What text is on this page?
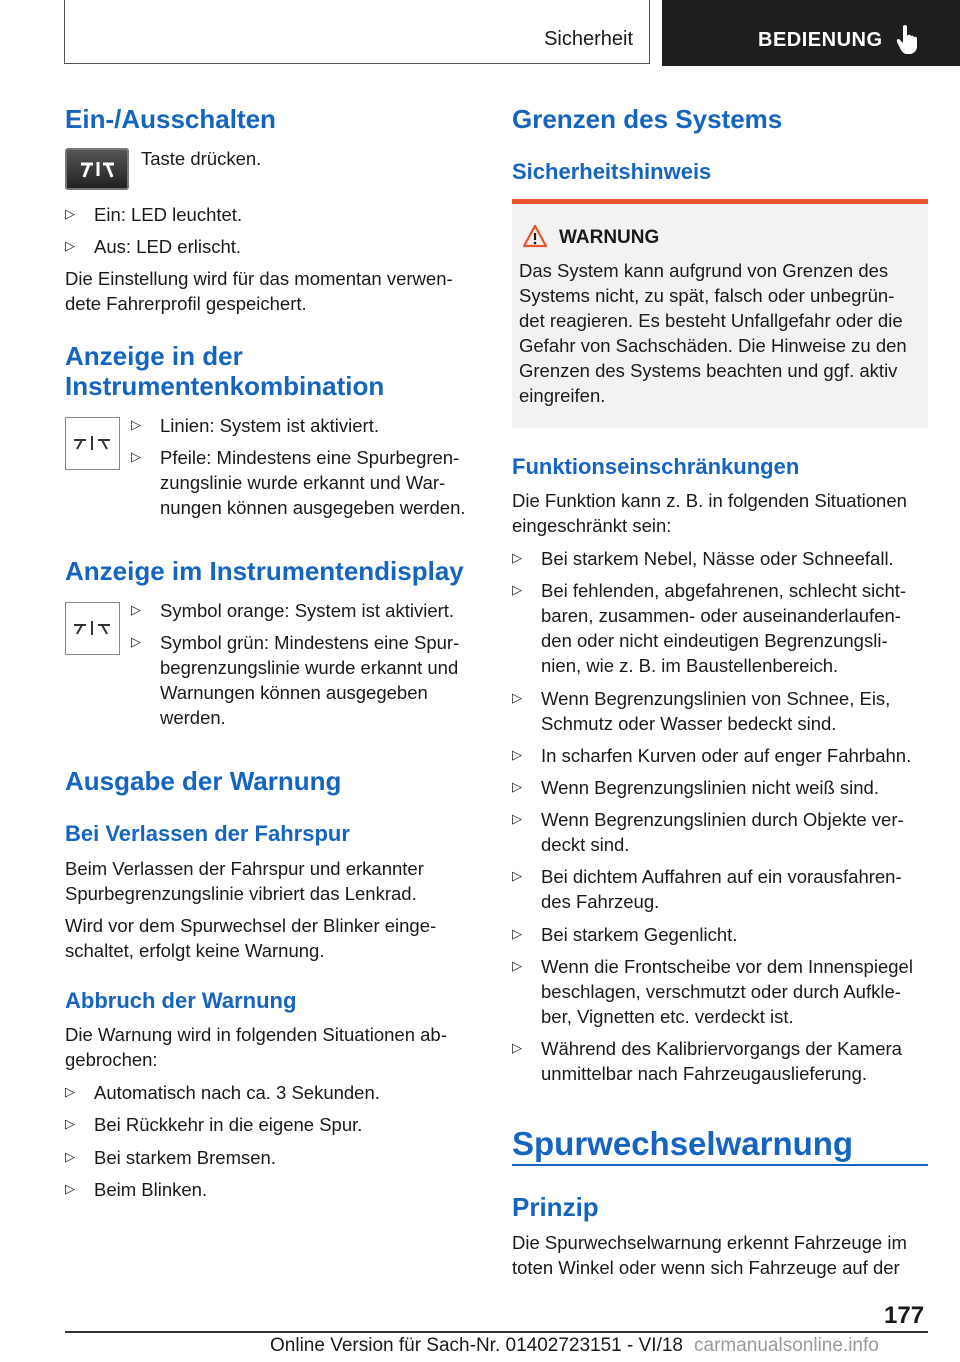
Sicherheit	BEDIENUNG
Ein-/Ausschalten
Taste drücken.
▷ Ein: LED leuchtet.
▷ Aus: LED erlischt.
Die Einstellung wird für das momentan verwen-
dete Fahrerprofil gespeichert.
Anzeige in der
Instrumentenkombination
▷ Linien: System ist aktiviert.
▷ Pfeile: Mindestens eine Spurbegren-
zungslinie wurde erkannt und War-
nungen können ausgegeben werden.
Anzeige im Instrumentendisplay
▷ Symbol orange: System ist aktiviert.
▷ Symbol grün: Mindestens eine Spur-
begrenzungslinie wurde erkannt und
Warnungen können ausgegeben
werden.
Ausgabe der Warnung
Bei Verlassen der Fahrspur
Beim Verlassen der Fahrspur und erkannter
Spurbegrenzungslinie vibriert das Lenkrad.
Wird vor dem Spurwechsel der Blinker einge-
schaltet, erfolgt keine Warnung.
Abbruch der Warnung
Die Warnung wird in folgenden Situationen ab-
gebrochen:
▷ Automatisch nach ca. 3 Sekunden.
▷ Bei Rückkehr in die eigene Spur.
▷ Bei starkem Bremsen.
▷ Beim Blinken.
Grenzen des Systems
Sicherheitshinweis
WARNUNG
Das System kann aufgrund von Grenzen des
Systems nicht, zu spät, falsch oder unbegrün-
det reagieren. Es besteht Unfallgefahr oder die
Gefahr von Sachschäden. Die Hinweise zu den
Grenzen des Systems beachten und ggf. aktiv
eingreifen.
Funktionseinschränkungen
Die Funktion kann z. B. in folgenden Situationen
eingeschränkt sein:
▷ Bei starkem Nebel, Nässe oder Schneefall.
▷ Bei fehlenden, abgefahrenen, schlecht sicht-
baren, zusammen- oder auseinanderlaufen-
den oder nicht eindeutigen Begrenzungsli-
nien, wie z. B. im Baustellenbereich.
▷ Wenn Begrenzungslinien von Schnee, Eis,
Schmutz oder Wasser bedeckt sind.
▷ In scharfen Kurven oder auf enger Fahrbahn.
▷ Wenn Begrenzungslinien nicht weiß sind.
▷ Wenn Begrenzungslinien durch Objekte ver-
deckt sind.
▷ Bei dichtem Auffahren auf ein vorausfahren-
des Fahrzeug.
▷ Bei starkem Gegenlicht.
▷ Wenn die Frontscheibe vor dem Innenspiegel
beschlagen, verschmutzt oder durch Aufkle-
ber, Vignetten etc. verdeckt ist.
▷ Während des Kalibriervorgangs der Kamera
unmittelbar nach Fahrzeugauslieferung.
Spurwechselwarnung
Prinzip
Die Spurwechselwarnung erkennt Fahrzeuge im
toten Winkel oder wenn sich Fahrzeuge auf der
177
Online Version für Sach-Nr. 01402723151 - VI/18 carmanualsonline.info
